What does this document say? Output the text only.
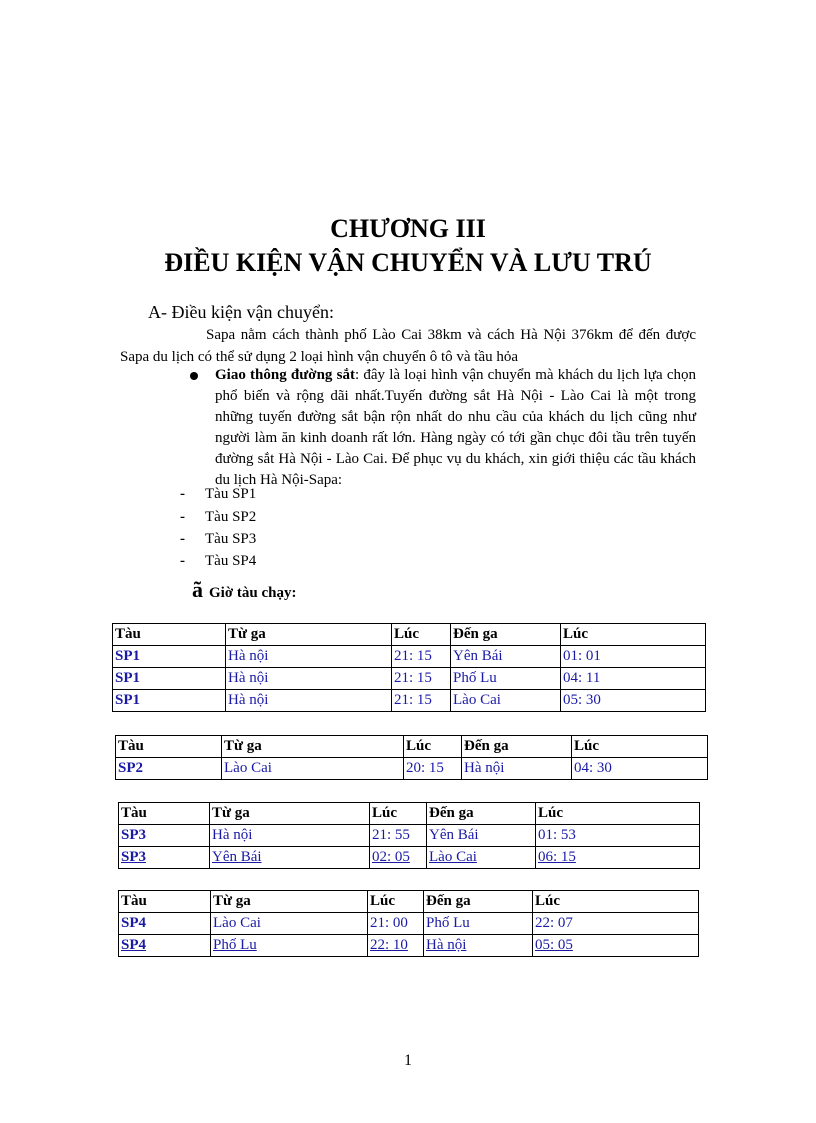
CHƯƠNG III
ĐIỀU KIỆN VẬN CHUYỂN VÀ LƯU TRÚ
A- Điều kiện vận chuyển:
Sapa nằm cách thành phố Lào Cai 38km và cách Hà Nội 376km để đến được Sapa du lịch có thể sử dụng 2 loại hình vận chuyển ô tô và tầu hỏa
Giao thông đường sắt: đây là loại hình vận chuyển mà khách du lịch lựa chọn phổ biến và rộng dãi nhất.Tuyến đường sắt Hà Nội - Lào Cai là một trong những tuyến đường sắt bận rộn nhất do nhu cầu của khách du lịch cũng như người làm ăn kinh doanh rất lớn. Hàng ngày có tới gần chục đôi tầu trên tuyến đường sắt Hà Nội - Lào Cai. Để phục vụ du khách, xin giới thiệu các tầu khách du lịch Hà Nội-Sapa:
- Tàu SP1
- Tàu SP2
- Tàu SP3
- Tàu SP4
ã Giờ tàu chạy:
Tàu	Từ ga	Lúc	Đến ga	Lúc
SP1	Hà nội	21: 15	Yên Bái	01: 01
SP1	Hà nội	21: 15	Phố Lu	04: 11
SP1	Hà nội	21: 15	Lào Cai	05: 30
Tàu	Từ ga	Lúc	Đến ga	Lúc
SP2	Lào Cai	20: 15	Hà nội	04: 30
Tàu	Từ ga	Lúc	Đến ga	Lúc
SP3	Hà nội	21: 55	Yên Bái	01: 53
SP3	Yên Bái	02: 05	Lào Cai	06: 15
Tàu	Từ ga	Lúc	Đến ga	Lúc
SP4	Lào Cai	21: 00	Phố Lu	22: 07
SP4	Phố Lu	22: 10	Hà nội	05: 05
1
